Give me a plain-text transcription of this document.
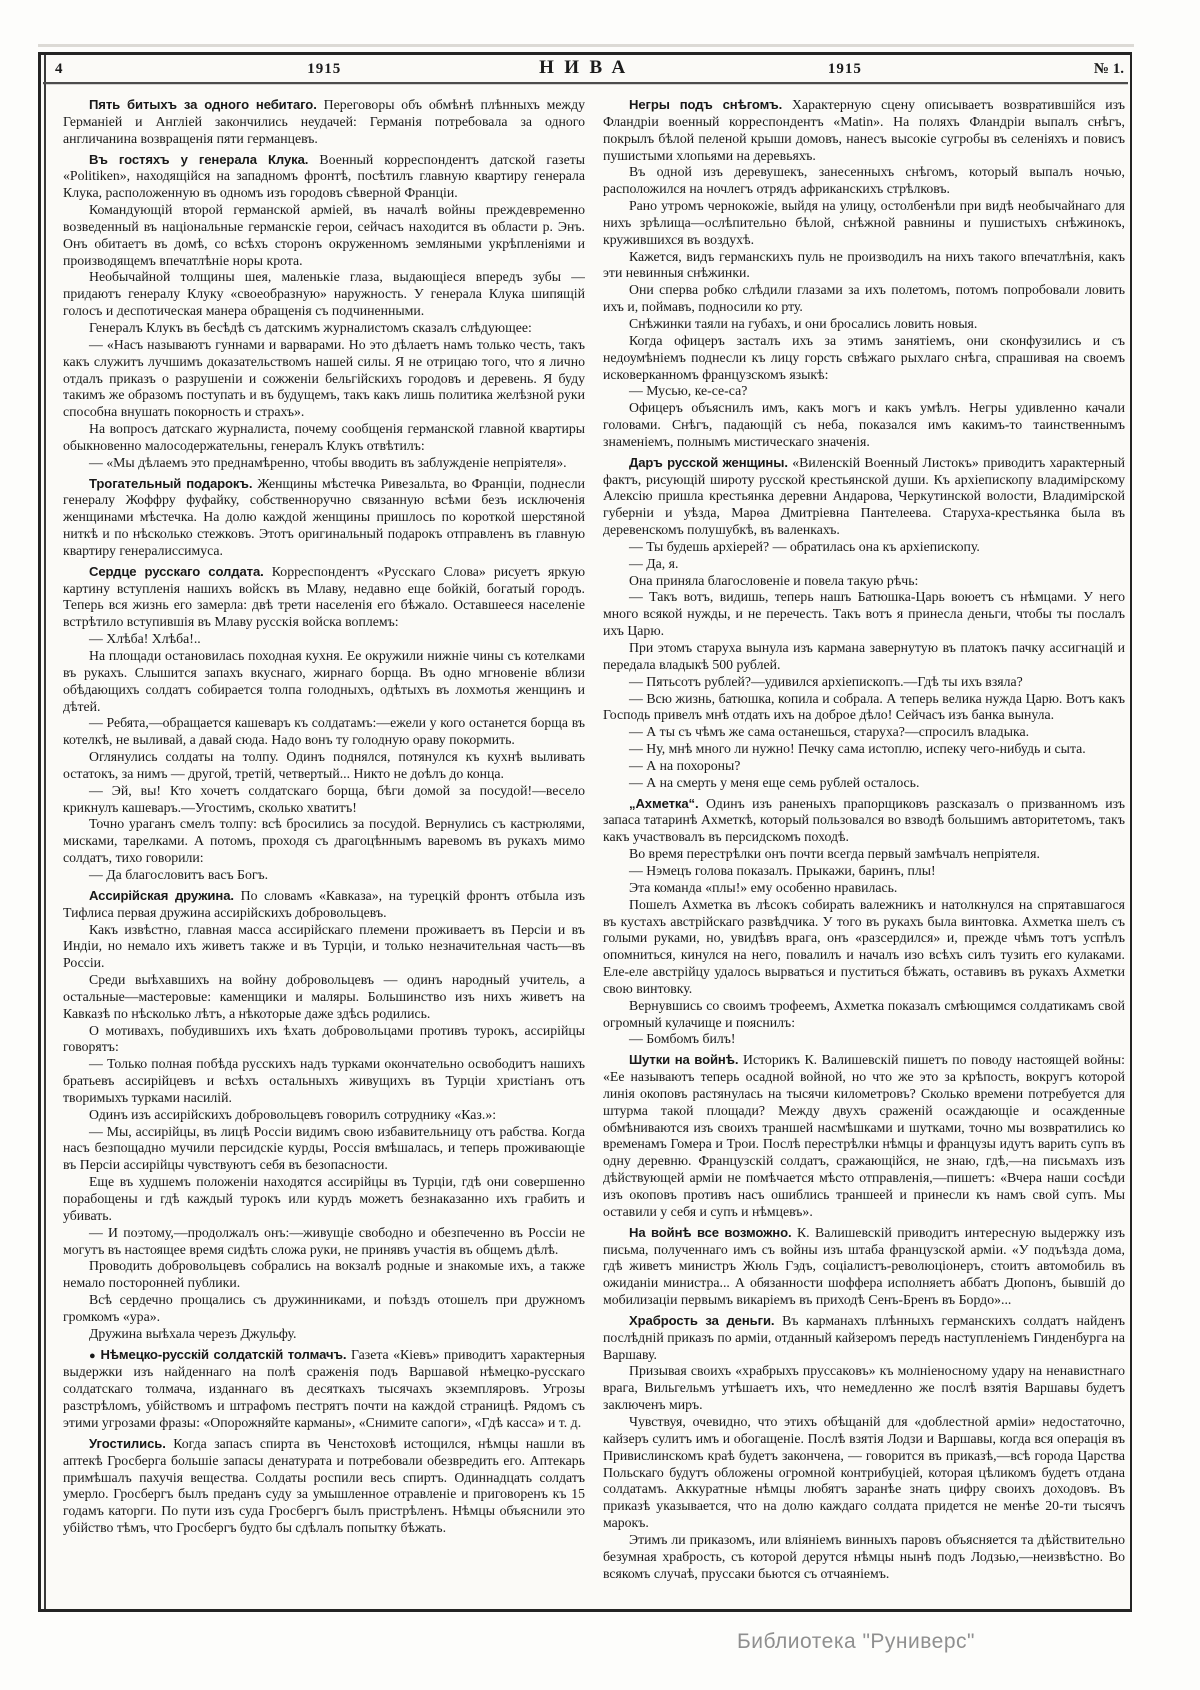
4	1915	НИВА	1915	№ 1.

Пять битыхъ за одного небитаго. Переговоры объ обмѣнѣ плѣнныхъ между Германіей и Англіей закончились неудачей: Германія потребовала за одного англичанина возвращенія пяти германцевъ.

Въ гостяхъ у генерала Клука. Военный корреспондентъ датской газеты «Politiken», находящійся на западномъ фронтѣ, посѣтилъ главную квартиру генерала Клука, расположенную въ одномъ изъ городовъ сѣверной Франціи.

Командующій второй германской арміей, въ началѣ войны преждевременно возведенный въ національные германскіе герои, сейчасъ находится въ области р. Энъ. Онъ обитаетъ въ домѣ, со всѣхъ сторонъ окруженномъ земляными укрѣпленіями и производящемъ впечатлѣніе норы крота.

Необычайной толщины шея, маленькіе глаза, выдающіеся впередъ зубы — придаютъ генералу Клуку «своеобразную» наружность. У генерала Клука шипящій голосъ и деспотическая манера обращенія съ подчиненными.

Генералъ Клукъ въ бесѣдѣ съ датскимъ журналистомъ сказалъ слѣдующее:

— «Насъ называютъ гуннами и варварами. Но это дѣлаетъ намъ только честь, такъ какъ служитъ лучшимъ доказательствомъ нашей силы. Я не отрицаю того, что я лично отдалъ приказъ о разрушеніи и сожженіи бельгійскихъ городовъ и деревень. Я буду такимъ же образомъ поступать и въ будущемъ, такъ какъ лишь политика желѣзной руки способна внушать покорность и страхъ».

На вопросъ датскаго журналиста, почему сообщенія германской главной квартиры обыкновенно малосодержательны, генералъ Клукъ отвѣтилъ:

— «Мы дѣлаемъ это преднамѣренно, чтобы вводить въ заблужденіе непріятеля».

Трогательный подарокъ. Женщины мѣстечка Ривезальта, во Франціи, поднесли генералу Жоффру фуфайку, собственноручно связанную всѣми безъ исключенія женщинами мѣстечка. На долю каждой женщины пришлось по короткой шерстяной ниткѣ и по нѣсколько стежковъ. Этотъ оригинальный подарокъ отправленъ въ главную квартиру генералиссимуса.

Сердце русскаго солдата. Корреспондентъ «Русскаго Слова» рисуетъ яркую картину вступленія нашихъ войскъ въ Млаву, недавно еще бойкій, богатый городъ. Теперь вся жизнь его замерла: двѣ трети населенія его бѣжало. Оставшееся населеніе встрѣтило вступившія въ Млаву русскія войска воплемъ:

— Хлѣба! Хлѣба!..

На площади остановилась походная кухня. Ее окружили нижніе чины съ котелками въ рукахъ. Слышится запахъ вкуснаго, жирнаго борща. Въ одно мгновеніе вблизи обѣдающихъ солдатъ собирается толпа голодныхъ, одѣтыхъ въ лохмотья женщинъ и дѣтей.

— Ребята,—обращается кашеваръ къ солдатамъ:—ежели у кого останется борща въ котелкѣ, не выливай, а давай сюда. Надо вонъ ту голодную ораву покормить.

Оглянулись солдаты на толпу. Одинъ поднялся, потянулся къ кухнѣ выливать остатокъ, за нимъ — другой, третій, четвертый... Никто не доѣлъ до конца.

— Эй, вы! Кто хочетъ солдатскаго борща, бѣги домой за посудой!—весело крикнулъ кашеваръ.—Угостимъ, сколько хватитъ!

Точно ураганъ смелъ толпу: всѣ бросились за посудой. Вернулись съ кастрюлями, мисками, тарелками. А потомъ, проходя съ драгоцѣннымъ варевомъ въ рукахъ мимо солдатъ, тихо говорили:

— Да благословитъ васъ Богъ.

Ассирійская дружина. По словамъ «Кавказа», на турецкій фронтъ отбыла изъ Тифлиса первая дружина ассирійскихъ добровольцевъ.

Какъ извѣстно, главная масса ассирійскаго племени проживаетъ въ Персіи и въ Индіи, но немало ихъ живетъ также и въ Турціи, и только незначительная часть—въ Россіи.

Среди выѣхавшихъ на войну добровольцевъ — одинъ народный учитель, а остальные—мастеровые: каменщики и маляры. Большинство изъ нихъ живетъ на Кавказѣ по нѣсколько лѣтъ, а нѣкоторые даже здѣсь родились.

О мотивахъ, побудившихъ ихъ ѣхать добровольцами противъ турокъ, ассирійцы говорятъ:

— Только полная побѣда русскихъ надъ турками окончательно освободитъ нашихъ братьевъ ассирійцевъ и всѣхъ остальныхъ живущихъ въ Турціи христіанъ отъ творимыхъ турками насилій.

Одинъ изъ ассирійскихъ добровольцевъ говорилъ сотруднику «Каз.»:

— Мы, ассирійцы, въ лицѣ Россіи видимъ свою избавительницу отъ рабства. Когда насъ безпощадно мучили персидскіе курды, Россія вмѣшалась, и теперь проживающіе въ Персіи ассирійцы чувствуютъ себя въ безопасности.

Еще въ худшемъ положеніи находятся ассирійцы въ Турціи, гдѣ они совершенно порабощены и гдѣ каждый турокъ или курдъ можетъ безнаказанно ихъ грабить и убивать.

— И поэтому,—продолжалъ онъ:—живущіе свободно и обезпеченно въ Россіи не могутъ въ настоящее время сидѣть сложа руки, не принявъ участія въ общемъ дѣлѣ.

Проводить добровольцевъ собрались на вокзалѣ родные и знакомые ихъ, а также немало посторонней публики.

Всѣ сердечно прощались съ дружинниками, и поѣздъ отошелъ при дружномъ громкомъ «ура».

Дружина выѣхала черезъ Джульфу.

● Нѣмецко-русскій солдатскій толмачъ. Газета «Кіевъ» приводитъ характерныя выдержки изъ найденнаго на полѣ сраженія подъ Варшавой нѣмецко-русскаго солдатскаго толмача, изданнаго въ десяткахъ тысячахъ экземпляровъ. Угрозы разстрѣломъ, убійствомъ и штрафомъ пестрятъ почти на каждой страницѣ. Рядомъ съ этими угрозами фразы: «Опорожняйте карманы», «Снимите сапоги», «Гдѣ касса» и т. д.

Угостились. Когда запасъ спирта въ Ченстоховѣ истощился, нѣмцы нашли въ аптекѣ Гросберга большіе запасы денатурата и потребовали обезвредить его. Аптекарь примѣшалъ пахучія вещества. Солдаты роспили весь спиртъ. Одиннадцать солдатъ умерло. Гросбергъ былъ преданъ суду за умышленное отравленіе и приговоренъ къ 15 годамъ каторги. По пути изъ суда Гросбергъ былъ пристрѣленъ. Нѣмцы объяснили это убійство тѣмъ, что Гросбергъ будто бы сдѣлалъ попытку бѣжать.

Негры подъ снѣгомъ. Характерную сцену описываетъ возвратившійся изъ Фландріи военный корреспондентъ «Matin». На поляхъ Фландріи выпалъ снѣгъ, покрылъ бѣлой пеленой крыши домовъ, нанесъ высокіе сугробы въ селеніяхъ и повисъ пушистыми хлопьями на деревьяхъ.

Въ одной изъ деревушекъ, занесенныхъ снѣгомъ, который выпалъ ночью, расположился на ночлегъ отрядъ африканскихъ стрѣлковъ.

Рано утромъ чернокожіе, выйдя на улицу, остолбенѣли при видѣ необычайнаго для нихъ зрѣлища—ослѣпительно бѣлой, снѣжной равнины и пушистыхъ снѣжинокъ, кружившихся въ воздухѣ.

Кажется, видъ германскихъ пуль не производилъ на нихъ такого впечатлѣнія, какъ эти невинныя снѣжинки.

Они сперва робко слѣдили глазами за ихъ полетомъ, потомъ попробовали ловить ихъ и, поймавъ, подносили ко рту.

Снѣжинки таяли на губахъ, и они бросались ловить новыя.

Когда офицеръ засталъ ихъ за этимъ занятіемъ, они сконфузились и съ недоумѣніемъ поднесли къ лицу горсть свѣжаго рыхлаго снѣга, спрашивая на своемъ исковерканномъ французскомъ языкѣ:

— Мусью, ке-се-са?

Офицеръ объяснилъ имъ, какъ могъ и какъ умѣлъ. Негры удивленно качали головами. Снѣгъ, падающій съ неба, показался имъ какимъ-то таинственнымъ знаменіемъ, полнымъ мистическаго значенія.

Даръ русской женщины. «Виленскій Военный Листокъ» приводитъ характерный фактъ, рисующій широту русской крестьянской души. Къ архіепископу владимірскому Алексію пришла крестьянка деревни Андарова, Черкутинской волости, Владимірской губерніи и уѣзда, Марѳа Дмитріевна Пантелеева. Старуха-крестьянка была въ деревенскомъ полушубкѣ, въ валенкахъ.

— Ты будешь архіерей? — обратилась она къ архіепископу.

— Да, я.

Она приняла благословеніе и повела такую рѣчь:

— Такъ вотъ, видишь, теперь нашъ Батюшка-Царь воюетъ съ нѣмцами. У него много всякой нужды, и не перечесть. Такъ вотъ я принесла деньги, чтобы ты послалъ ихъ Царю.

При этомъ старуха вынула изъ кармана завернутую въ платокъ пачку ассигнацій и передала владыкѣ 500 рублей.

— Пятьсотъ рублей?—удивился архіепископъ.—Гдѣ ты ихъ взяла?

— Всю жизнь, батюшка, копила и собрала. А теперь велика нужда Царю. Вотъ какъ Господь привелъ мнѣ отдать ихъ на доброе дѣло! Сейчасъ изъ банка вынула.

— А ты съ чѣмъ же сама останешься, старуха?—спросилъ владыка.

— Ну, мнѣ много ли нужно! Печку сама истоплю, испеку чего-нибудь и сыта.

— А на похороны?

— А на смерть у меня еще семь рублей осталось.

„Ахметка“. Одинъ изъ раненыхъ прапорщиковъ разсказалъ о призванномъ изъ запаса татаринѣ Ахметкѣ, который пользовался во взводѣ большимъ авторитетомъ, такъ какъ участвовалъ въ персидскомъ походѣ.

Во время перестрѣлки онъ почти всегда первый замѣчалъ непріятеля.

— Нэмецъ голова показалъ. Прыкажи, баринъ, плы!

Эта команда «плы!» ему особенно нравилась.

Пошелъ Ахметка въ лѣсокъ собирать валежникъ и натолкнулся на спрятавшагося въ кустахъ австрійскаго развѣдчика. У того въ рукахъ была винтовка. Ахметка шелъ съ голыми руками, но, увидѣвъ врага, онъ «разсердился» и, прежде чѣмъ тотъ успѣлъ опомниться, кинулся на него, повалилъ и началъ изо всѣхъ силъ тузить его кулаками. Еле-еле австрійцу удалось вырваться и пуститься бѣжать, оставивъ въ рукахъ Ахметки свою винтовку.

Вернувшись со своимъ трофеемъ, Ахметка показалъ смѣющимся солдатикамъ свой огромный кулачище и пояснилъ:

— Бомбомъ билъ!

Шутки на войнѣ. Историкъ К. Валишевскій пишетъ по поводу настоящей войны: «Ее называютъ теперь осадной войной, но что же это за крѣпость, вокругъ которой линія окоповъ растянулась на тысячи километровъ? Сколько времени потребуется для штурма такой площади? Между двухъ сраженій осаждающіе и осажденные обмѣниваются изъ своихъ траншей насмѣшками и шутками, точно мы возвратились ко временамъ Гомера и Трои. Послѣ перестрѣлки нѣмцы и французы идутъ варить супъ въ одну деревню. Французскій солдатъ, сражающійся, не знаю, гдѣ,—на письмахъ изъ дѣйствующей арміи не помѣчается мѣсто отправленія,—пишетъ: «Вчера наши сосѣди изъ окоповъ противъ насъ ошиблись траншеей и принесли къ намъ свой супъ. Мы оставили у себя и супъ и нѣмцевъ».

На войнѣ все возможно. К. Валишевскій приводитъ интересную выдержку изъ письма, полученнаго имъ съ войны изъ штаба французской арміи. «У подъѣзда дома, гдѣ живетъ министръ Жюль Гэдъ, соціалистъ-революціонеръ, стоитъ автомобиль въ ожиданіи министра... А обязанности шоффера исполняетъ аббатъ Дюпонъ, бывшій до мобилизаціи первымъ викаріемъ въ приходѣ Сенъ-Бренъ въ Бордо»...

Храбрость за деньги. Въ карманахъ плѣнныхъ германскихъ солдатъ найденъ послѣдній приказъ по арміи, отданный кайзеромъ передъ наступленіемъ Гинденбурга на Варшаву.

Призывая своихъ «храбрыхъ пруссаковъ» къ молніеносному удару на ненавистнаго врага, Вильгельмъ утѣшаетъ ихъ, что немедленно же послѣ взятія Варшавы будетъ заключенъ миръ.

Чувствуя, очевидно, что этихъ обѣщаній для «доблестной арміи» недостаточно, кайзеръ сулитъ имъ и обогащеніе. Послѣ взятія Лодзи и Варшавы, когда вся операція въ Привислинскомъ краѣ будетъ закончена, — говорится въ приказѣ,—всѣ города Царства Польскаго будутъ обложены огромной контрибуціей, которая цѣликомъ будетъ отдана солдатамъ. Аккуратные нѣмцы любятъ заранѣе знать цифру своихъ доходовъ. Въ приказѣ указывается, что на долю каждаго солдата придется не менѣе 20-ти тысячъ марокъ.

Этимъ ли приказомъ, или вліяніемъ винныхъ паровъ объясняется та дѣйствительно безумная храбрость, съ которой дерутся нѣмцы нынѣ подъ Лодзью,—неизвѣстно. Во всякомъ случаѣ, пруссаки бьются съ отчаяніемъ.

Библиотека "Руниверс"
